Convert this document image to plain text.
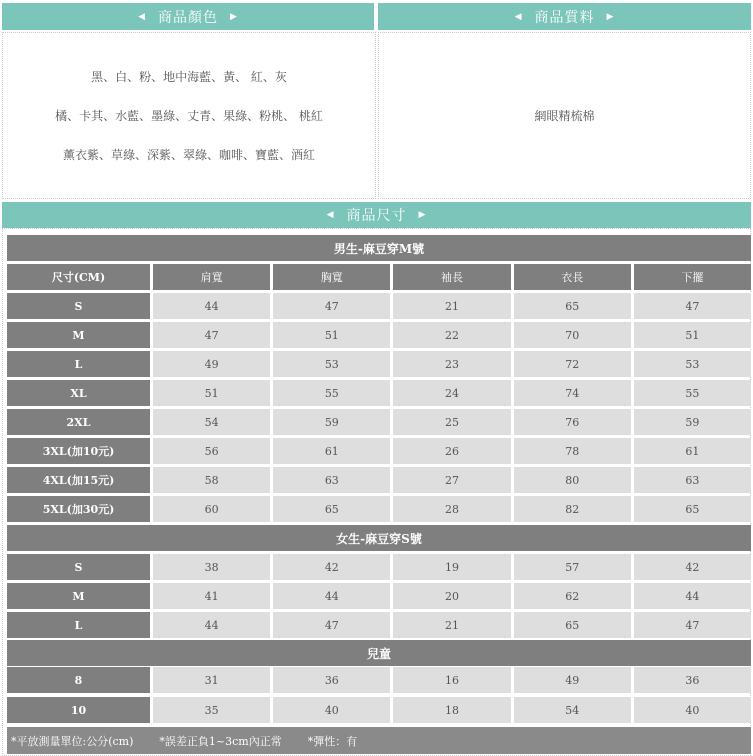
◀ 商品顏色 ▶	◀ 商品質料 ▶
黑、白、粉、地中海藍、黃、 紅、灰
橘、卡其、水藍、墨綠、丈青、果綠、粉桃、 桃紅
薰衣紫、草綠、深紫、翠綠、咖啡、寶藍、酒紅
網眼精梳棉
◀ 商品尺寸 ▶
男生-麻豆穿M號
尺寸(CM)	肩寬	胸寬	袖長	衣長	下擺
S	44	47	21	65	47
M	47	51	22	70	51
L	49	53	23	72	53
XL	51	55	24	74	55
2XL	54	59	25	76	59
3XL(加10元)	56	61	26	78	61
4XL(加15元)	58	63	27	80	63
5XL(加30元)	60	65	28	82	65
女生-麻豆穿S號
S	38	42	19	57	42
M	41	44	20	62	44
L	44	47	21	65	47
兒童
8	31	36	16	49	36
10	35	40	18	54	40
*平放測量單位:公分(cm) *誤差正負1~3cm內正常 *彈性：有
